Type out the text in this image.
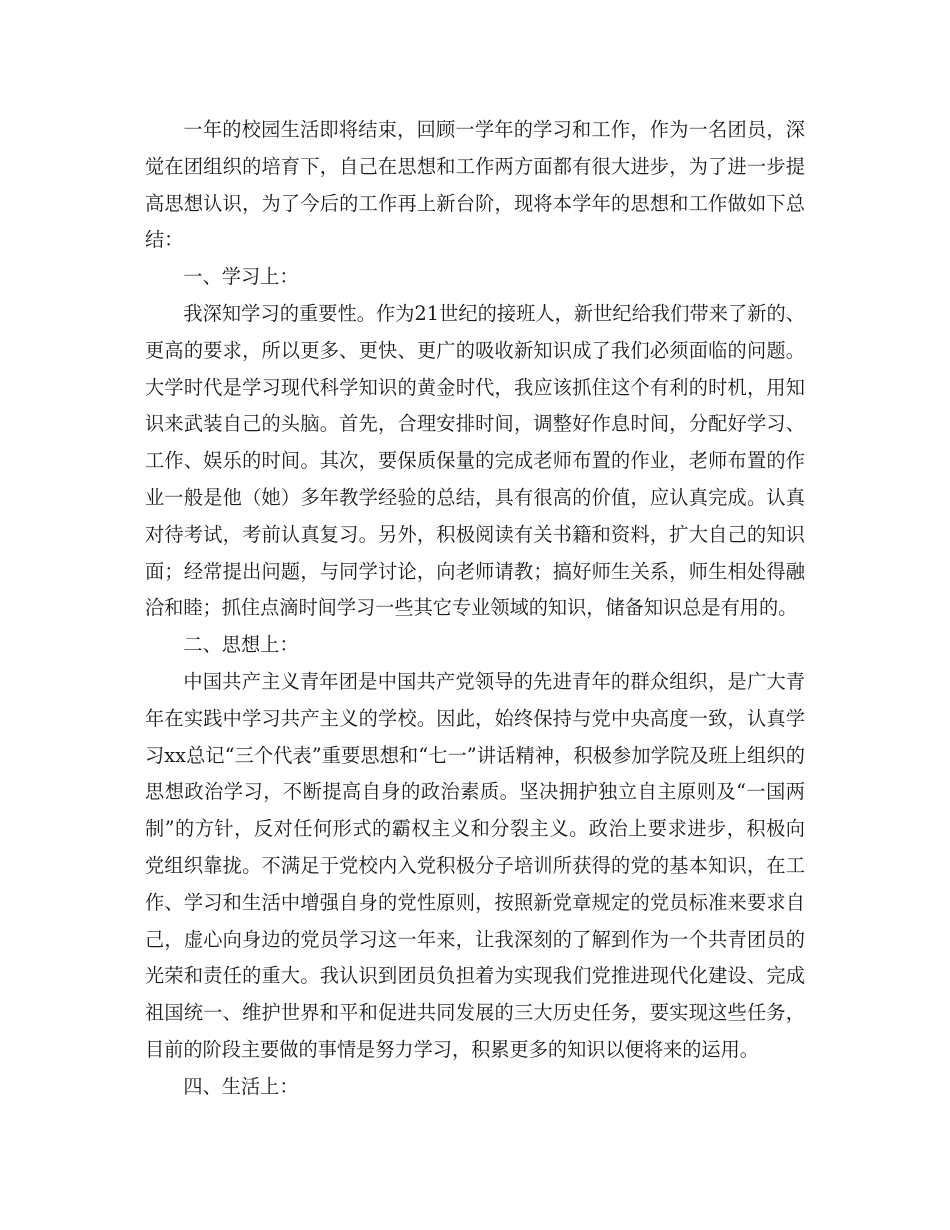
一年的校园生活即将结束，回顾一学年的学习和工作，作为一名团员，深觉在团组织的培育下，自己在思想和工作两方面都有很大进步，为了进一步提高思想认识，为了今后的工作再上新台阶，现将本学年的思想和工作做如下总结：

一、学习上：

我深知学习的重要性。作为21世纪的接班人，新世纪给我们带来了新的、更高的要求，所以更多、更快、更广的吸收新知识成了我们必须面临的问题。大学时代是学习现代科学知识的黄金时代，我应该抓住这个有利的时机，用知识来武装自己的头脑。首先，合理安排时间，调整好作息时间，分配好学习、工作、娱乐的时间。其次，要保质保量的完成老师布置的作业，老师布置的作业一般是他（她）多年教学经验的总结，具有很高的价值，应认真完成。认真对待考试，考前认真复习。另外，积极阅读有关书籍和资料，扩大自己的知识面；经常提出问题，与同学讨论，向老师请教；搞好师生关系，师生相处得融洽和睦；抓住点滴时间学习一些其它专业领域的知识，储备知识总是有用的。

二、思想上：

中国共产主义青年团是中国共产党领导的先进青年的群众组织，是广大青年在实践中学习共产主义的学校。因此，始终保持与党中央高度一致，认真学习xx总记“三个代表”重要思想和“七一”讲话精神，积极参加学院及班上组织的思想政治学习，不断提高自身的政治素质。坚决拥护独立自主原则及“一国两制”的方针，反对任何形式的霸权主义和分裂主义。政治上要求进步，积极向党组织靠拢。不满足于党校内入党积极分子培训所获得的党的基本知识，在工作、学习和生活中增强自身的党性原则，按照新党章规定的党员标准来要求自己，虚心向身边的党员学习这一年来，让我深刻的了解到作为一个共青团员的光荣和责任的重大。我认识到团员负担着为实现我们党推进现代化建设、完成祖国统一、维护世界和平和促进共同发展的三大历史任务，要实现这些任务，目前的阶段主要做的事情是努力学习，积累更多的知识以便将来的运用。

四、生活上：
